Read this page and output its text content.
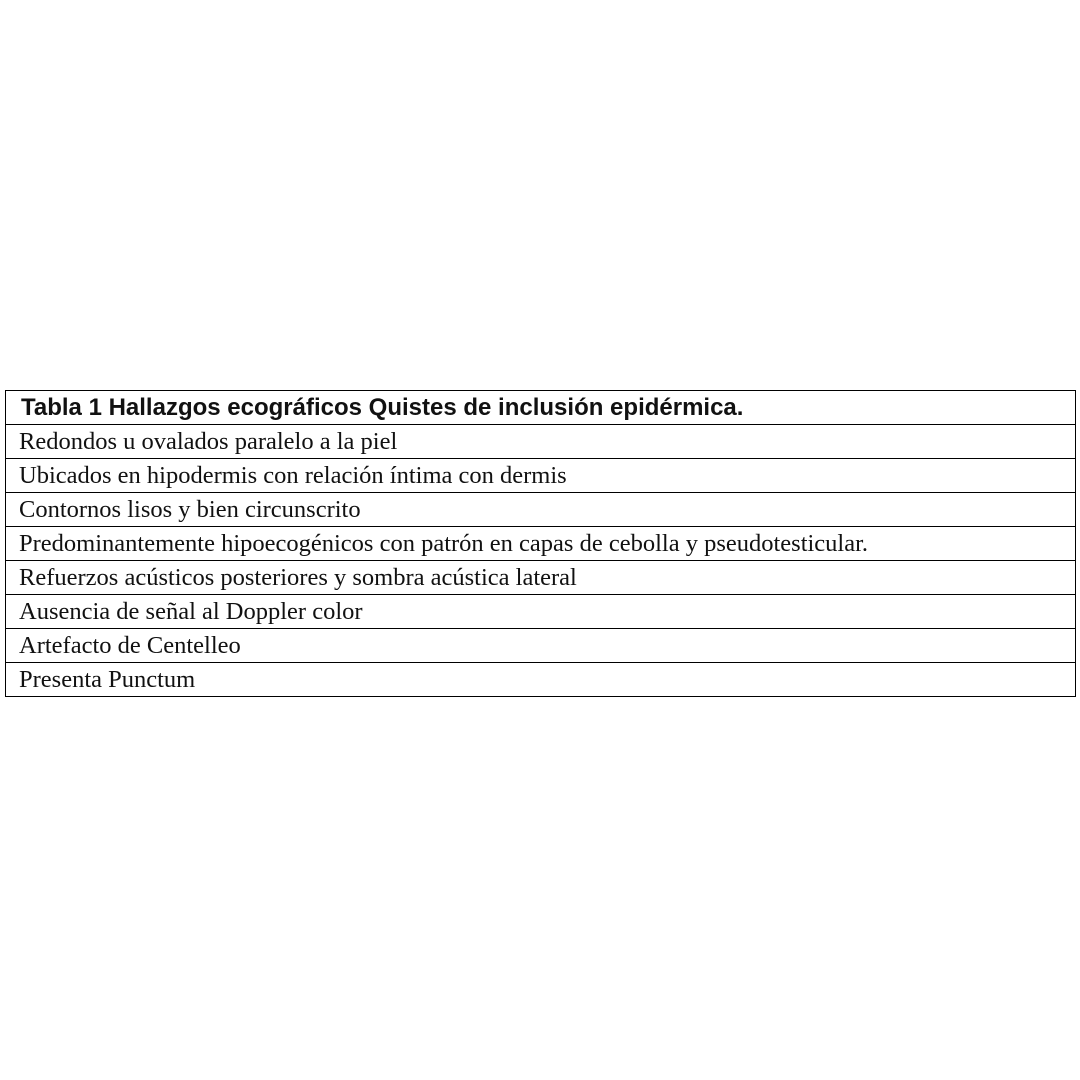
Tabla 1 Hallazgos ecográficos Quistes de inclusión epidérmica.
Redondos u ovalados paralelo a la piel
Ubicados en hipodermis con relación íntima con dermis
Contornos lisos y bien circunscrito
Predominantemente hipoecogénicos con patrón en capas de cebolla y pseudotesticular.
Refuerzos acústicos posteriores y sombra acústica lateral
Ausencia de señal al Doppler color
Artefacto de Centelleo
Presenta Punctum
